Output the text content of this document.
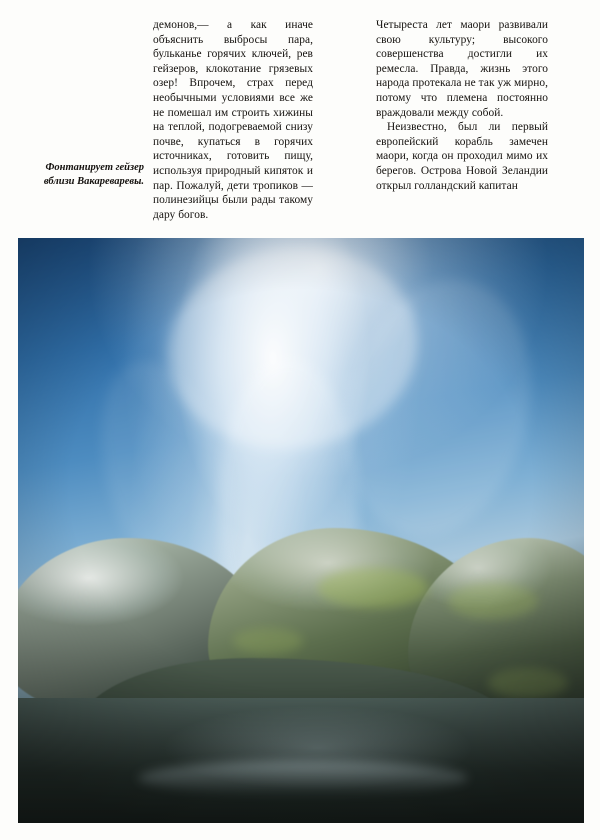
Фонтанирует гейзер вблизи Вакареваревы.

демонов,— а как иначе объяснить выбросы пара, бульканье горячих ключей, рев гейзеров, клокотание грязевых озер! Впрочем, страх перед необычными условиями все же не помешал им строить хижины на теплой, подогреваемой снизу почве, купаться в горячих источниках, готовить пищу, используя природный кипяток и пар. Пожалуй, дети тропиков — полинезийцы были рады такому дару богов.

Четыреста лет маори развивали свою культуру; высокого совершенства достигли их ремесла. Правда, жизнь этого народа протекала не так уж мирно, потому что племена постоянно враждовали между собой.

Неизвестно, был ли первый европейский корабль замечен маори, когда он проходил мимо их берегов. Острова Новой Зеландии открыл голландский капитан
